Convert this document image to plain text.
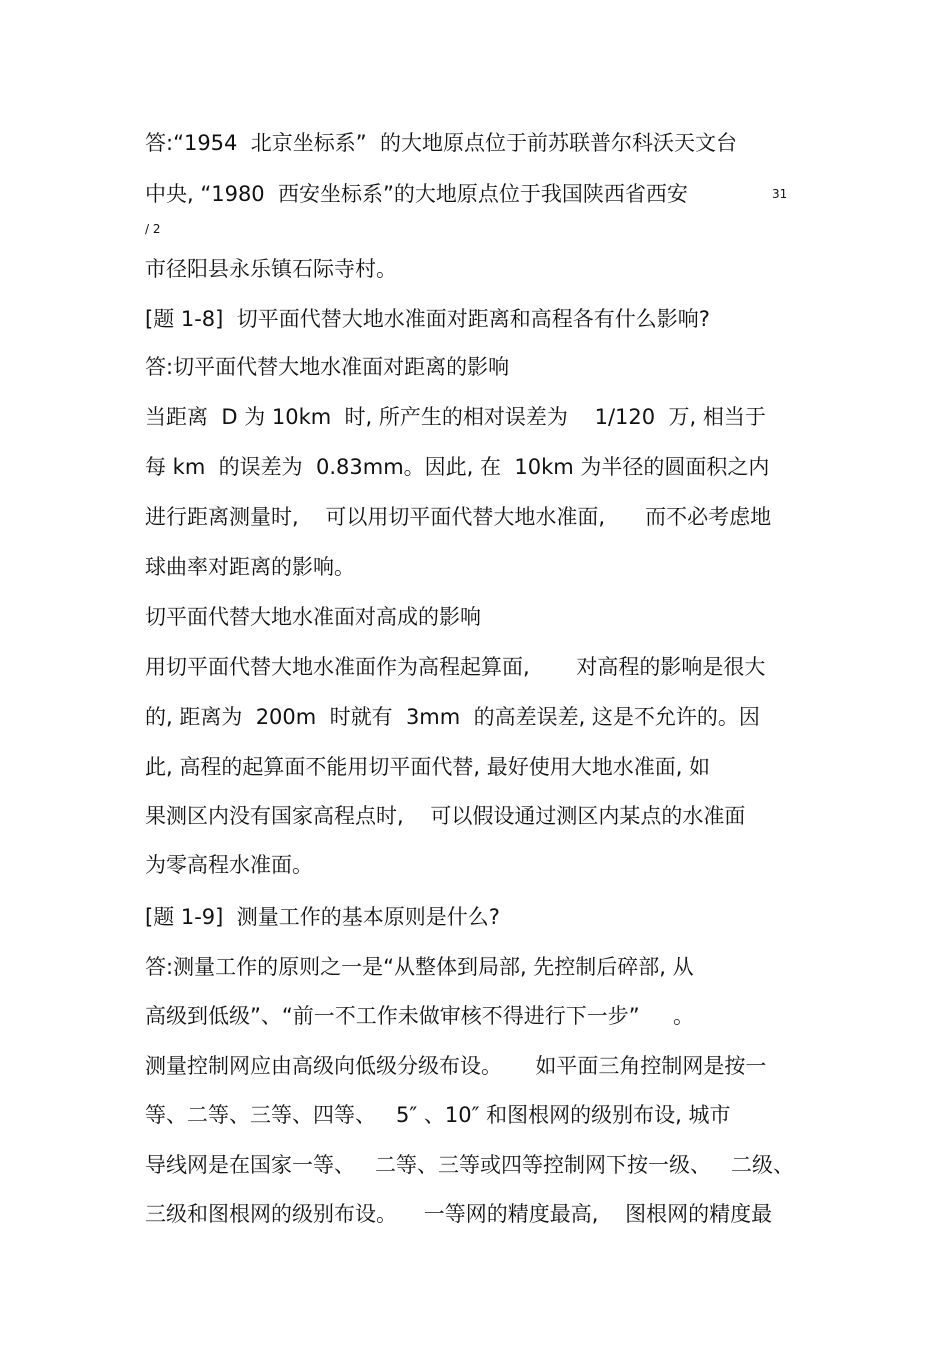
答:“1954  北京坐标系”  的大地原点位于前苏联普尔科沃天文台

中央, “1980  西安坐标系”的大地原点位于我国陕西省西安	31
/ 2

市径阳县永乐镇石际寺村。

[题 1-8]  切平面代替大地水准面对距离和高程各有什么影响?

答:切平面代替大地水准面对距离的影响

当距离  D 为 10km  时, 所产生的相对误差为    1/120  万, 相当于

每 km  的误差为  0.83mm。因此, 在  10km 为半径的圆面积之内

进行距离测量时,    可以用切平面代替大地水准面,      而不必考虑地

球曲率对距离的影响。

切平面代替大地水准面对高成的影响

用切平面代替大地水准面作为高程起算面,       对高程的影响是很大

的, 距离为  200m  时就有  3mm  的高差误差, 这是不允许的。因

此, 高程的起算面不能用切平面代替, 最好使用大地水准面, 如

果测区内没有国家高程点时,    可以假设通过测区内某点的水准面

为零高程水准面。

[题 1-9]  测量工作的基本原则是什么?

答:测量工作的原则之一是“从整体到局部, 先控制后碎部, 从

高级到低级”、“前一不工作未做审核不得进行下一步”     。

测量控制网应由高级向低级分级布设。     如平面三角控制网是按一

等、二等、三等、四等、   5″ 、10″ 和图根网的级别布设, 城市

导线网是在国家一等、   二等、三等或四等控制网下按一级、   二级、

三级和图根网的级别布设。    一等网的精度最高,    图根网的精度最
